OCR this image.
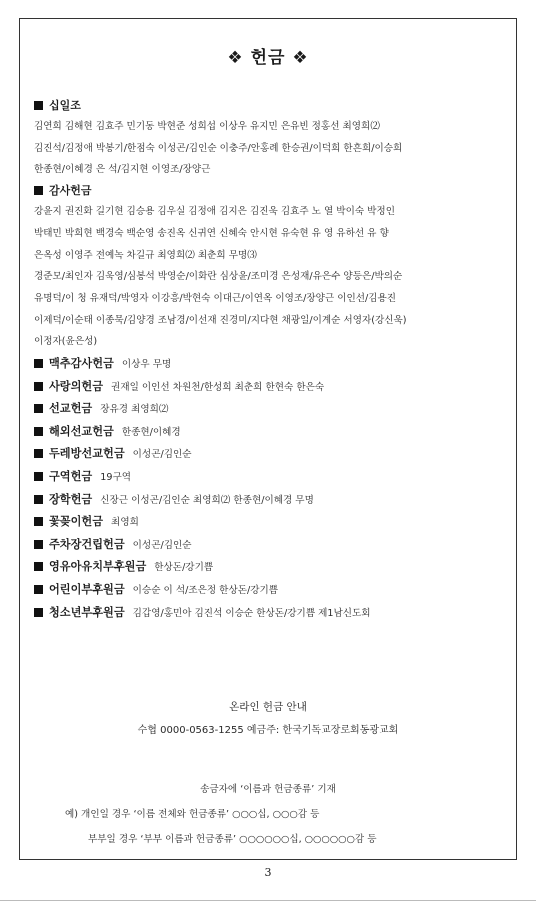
❖ 헌금 ❖

십일조

김연희 김해현 김효주 민기동 박현준 성희섭 이상우 유지민 은유빈 정홍선 최영희⑵

김진석/김정애 박봉기/한점숙 이성곤/김인순 이충주/안홍례 한승권/이덕희 한흔희/이승희

한종현/이혜경 은 석/김지현 이영조/장양근

감사헌금

강윤지 권진화 길기현 김승용 김우실 김정애 김지은 김진욱 김효주 노 열 박이숙 박정인

박태민 박희현 백경숙 백순영 송진옥 신귀연 신혜숙 안시현 유숙현 유 영 유하선 유 향

은옥성 이영주 전예녹 차길규 최영희⑵ 최춘희 무명⑶

경준모/최인자 김욱영/심봉석 박영순/이화란 심상윤/조미경 은성재/유은수 양등은/박의순

유명덕/이 청 유재덕/박영자 이강흥/박현숙 이대근/이연옥 이영조/장양근 이인선/김용진

이제덕/이순태 이종묵/김양경 조남경/이선재 진경미/지다현 채광일/이계순 서영자(강신욱)

이정자(윤은성)

맥추감사헌금 이상우 무명
사랑의헌금 권재일 이인선 차원천/한성희 최춘희 한현숙 한은숙
선교헌금 장유경 최영희⑵
해외선교헌금 한종현/이혜경
두레방선교헌금 이성곤/김인순
구역헌금 19구역
장학헌금 신장근 이성곤/김인순 최영희⑵ 한종현/이혜경 무명
꽃꽂이헌금 최영희
주차장건립헌금 이성곤/김인순
영유아유치부후원금 한상돈/강기쁨
어린이부후원금 이승순 이 석/조은정 한상돈/강기쁨
청소년부후원금 김갑영/홍민아 김진석 이승순 한상돈/강기쁨 제1남신도회

온라인 헌금 안내

수협 0000-0563-1255 예금주: 한국기독교장로회동광교회
송금자에 ‘이름과 헌금종류’ 기재
예) 개인일 경우 ‘이름 전체와 헌금종류’ ○○○십, ○○○감 등
부부일 경우 ‘부부 이름과 헌금종류’ ○○○○○○십, ○○○○○○감 등
3
